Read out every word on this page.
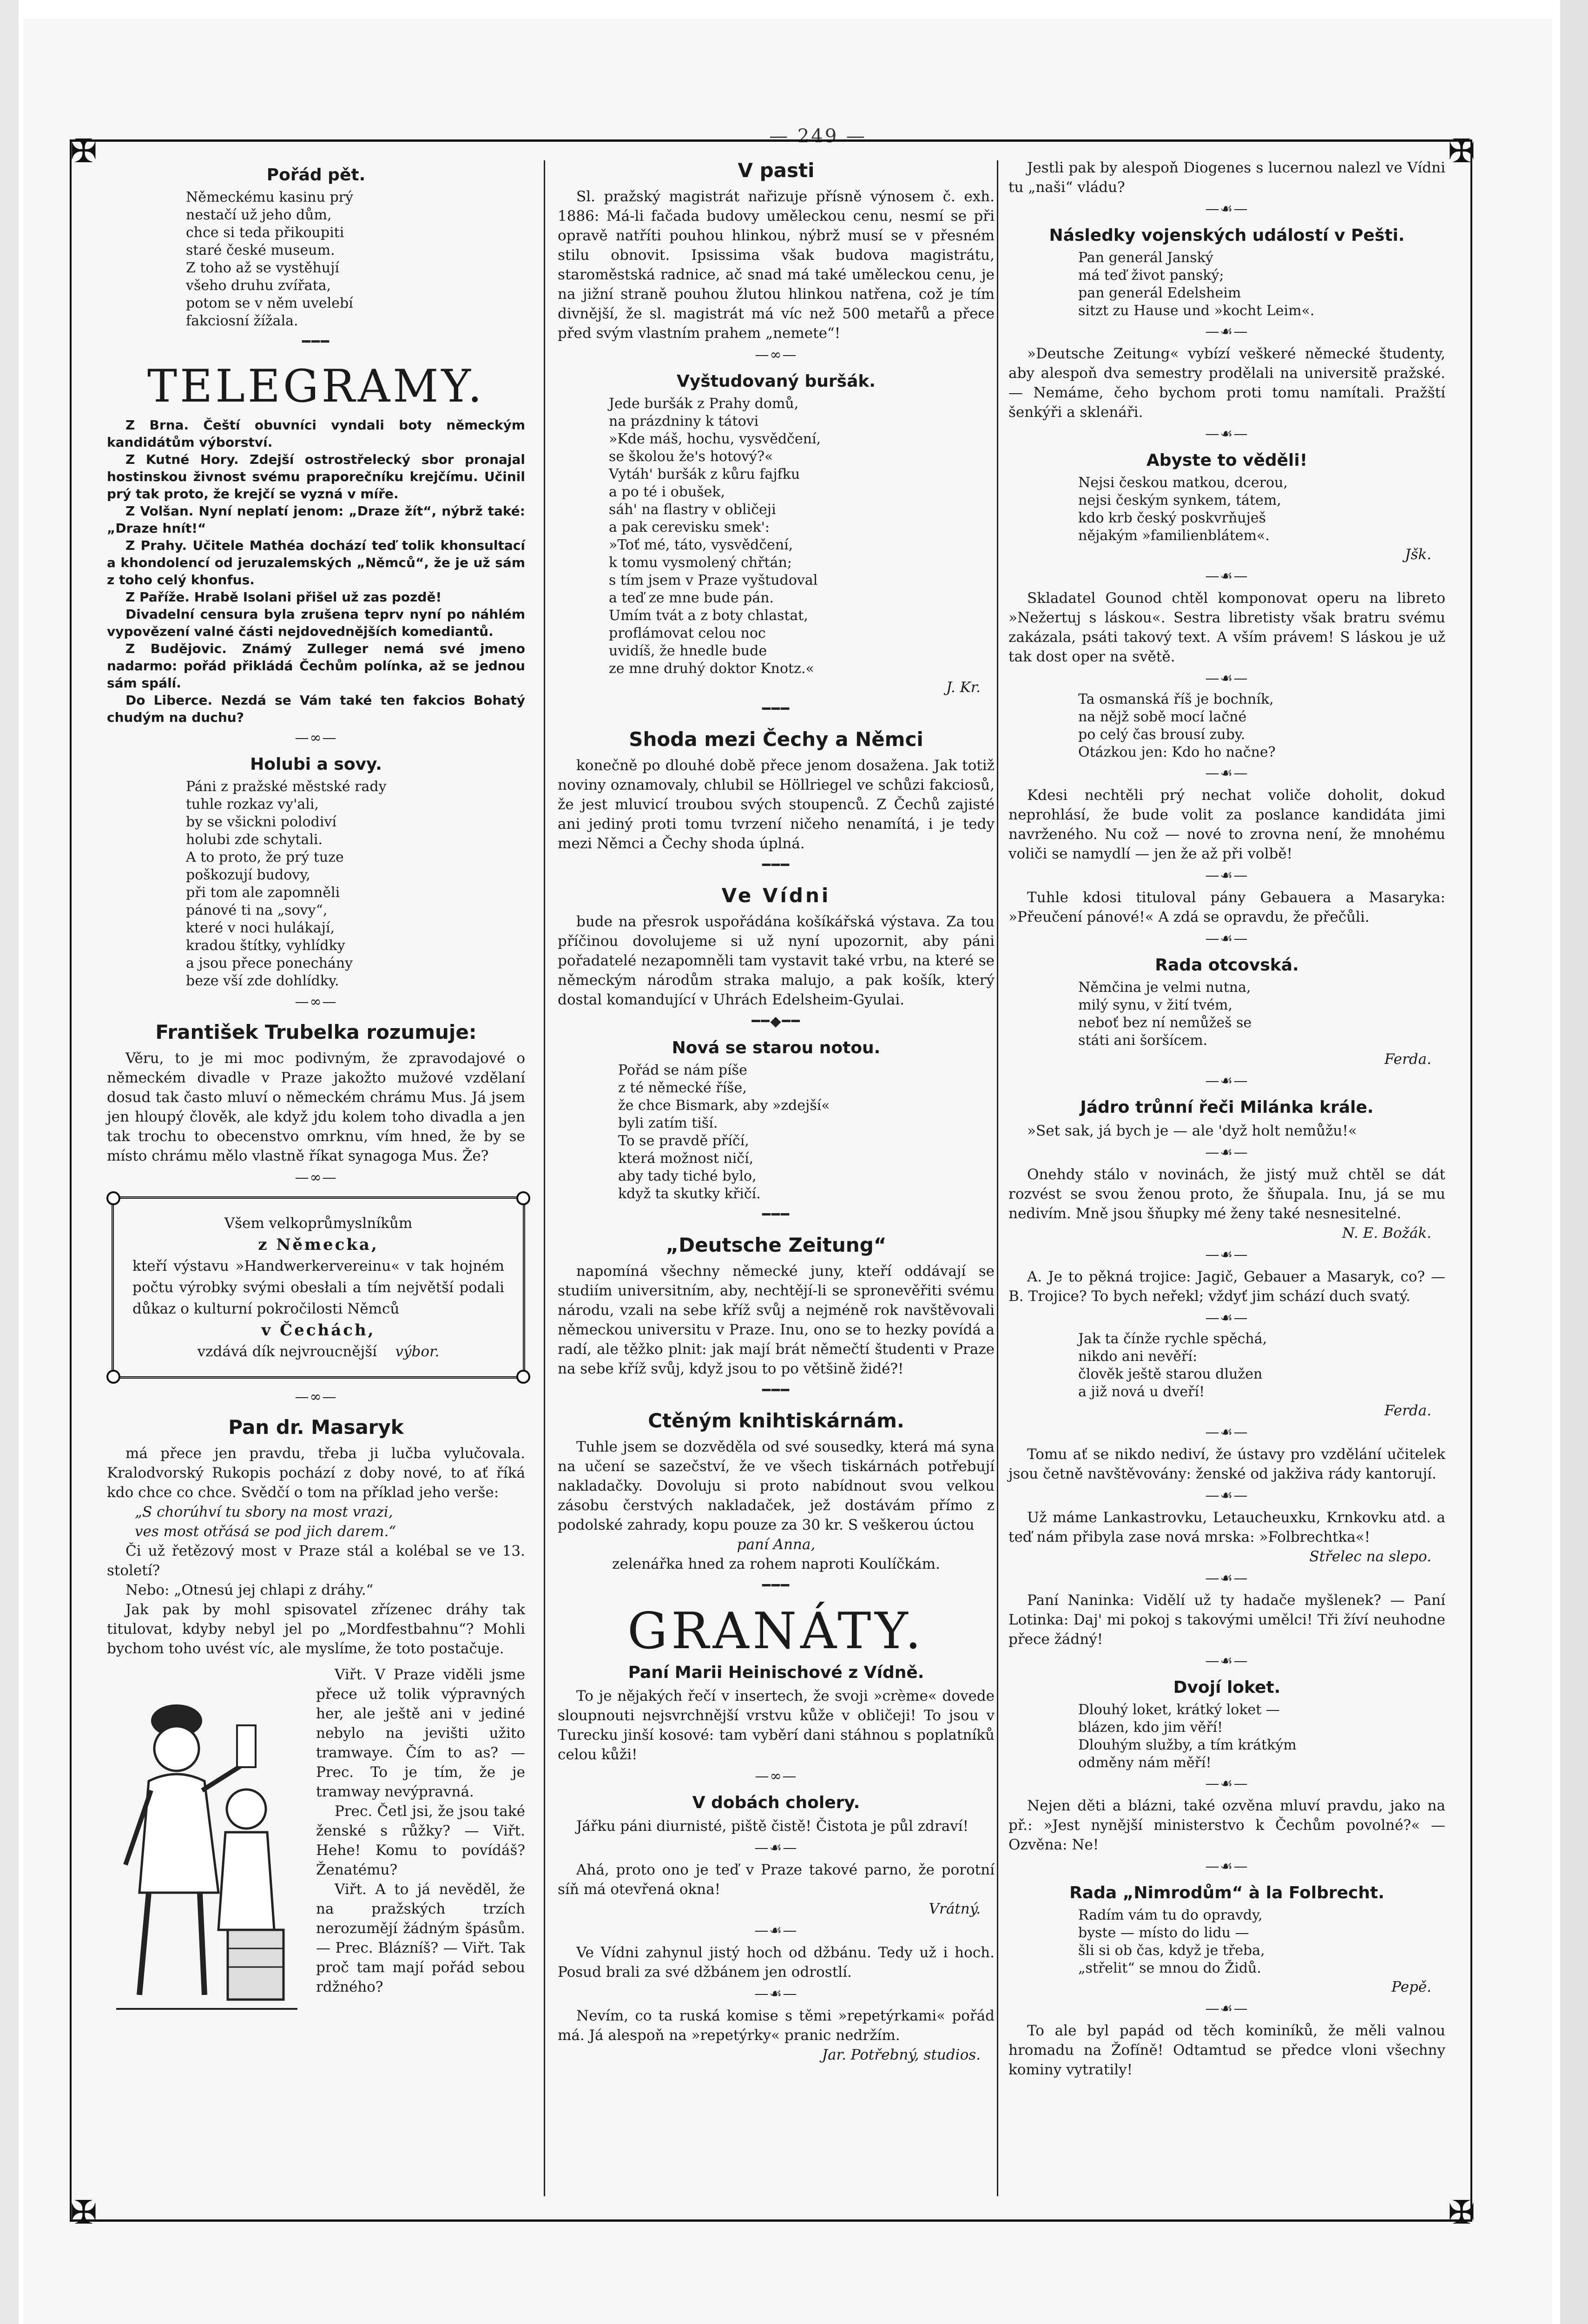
— 249 —
✠	✠
✠	✠
Pořád pět.
Německému kasinu prý
nestačí už jeho dům,
chce si teda přikoupiti
staré české museum.
Z toho až se vystěhují
všeho druhu zvířata,
potom se v něm uvelebí
fakciosní žížala.
━━━
TELEGRAMY.

Z Brna. Čeští obuvníci vyndali boty německým kandidátům výborství.

Z Kutné Hory. Zdejší ostrostřelecký sbor pronajal hostinskou živnost svému praporečníku krejčímu. Učinil prý tak proto, že krejčí se vyzná v míře.

Z Volšan. Nyní neplatí jenom: „Draze žít“, nýbrž také: „Draze hnít!“

Z Prahy. Učitele Mathéa dochází teď tolik khonsultací a khondolencí od jeruzalemských „Němců“, že je už sám z toho celý khonfus.

Z Paříže. Hrabě Isolani přišel už zas pozdě!

Divadelní censura byla zrušena teprv nyní po náhlém vypovězení valné části nejdovednějších komediantů.

Z Budějovic. Známý Zulleger nemá své jmeno nadarmo: pořád přikládá Čechům polínka, až se jednou sám spálí.

Do Liberce. Nezdá se Vám také ten fakcios Bohatý chudým na duchu?

—∞—
Holubi a sovy.
Páni z pražské městské rady
tuhle rozkaz vy'ali,
by se všickni polodiví
holubi zde schytali.
A to proto, že prý tuze
poškozují budovy,
při tom ale zapomněli
pánové ti na „sovy“,
které v noci hulákají,
kradou štítky, vyhlídky
a jsou přece ponechány
beze vší zde dohlídky.
—∞—
František Trubelka rozumuje:

Věru, to je mi moc podivným, že zpravodajové o německém divadle v Praze jakožto mužové vzdělaní dosud tak často mluví o německém chrámu Mus. Já jsem jen hloupý člověk, ale když jdu kolem toho divadla a jen tak trochu to obecenstvo omrknu, vím hned, že by se místo chrámu mělo vlastně říkat synagoga Mus. Že?

—∞—
Všem velkoprůmyslníkům
z Německa,
kteří výstavu »Handwerkervereinu« v tak hojném počtu výrobky svými obesłali a tím největší podali důkaz o kulturní pokročilosti Němců
v Čechách,
vzdává dík nejvroucnější výbor.
—∞—
Pan dr. Masaryk

má přece jen pravdu, třeba ji lučba vylučovala. Kralodvorský Rukopis pochází z doby nové, to ať říká kdo chce co chce. Svědčí o tom na příklad jeho verše:

„S chorúhví tu sbory na most vrazi,
ves most otřásá se pod jich darem.“

Či už řetězový most v Praze stál a kolébal se ve 13. století?

Nebo: „Otnesú jej chlapi z dráhy.“

Jak pak by mohl spisovatel zřízenec dráhy tak titulovat, kdyby nebyl jel po „Mordfestbahnu“? Mohli bychom toho uvést víc, ale myslíme, že toto postačuje.

Viřt. V Praze viděli jsme přece už tolik výpravných her, ale ještě ani v jediné nebylo na jevišti užito tramwaye. Čím to as? — Prec. To je tím, že je tramway nevýpravná.

Prec. Četl jsi, že jsou také ženské s růžky? — Viřt. Hehe! Komu to povídáš? Ženatému?

Viřt. A to já nevěděl, že na pražských trzích nerozumějí žádným špásům. — Prec. Blázníš? — Viřt. Tak proč tam mají pořád sebou rdžného?

V pasti

Sl. pražský magistrát nařizuje přísně výnosem č. exh. 1886: Má-li fačada budovy uměleckou cenu, nesmí se při opravě natříti pouhou hlinkou, nýbrž musí se v přesném stilu obnovit. Ipsissima však budova magistrátu, staroměstská radnice, ač snad má také uměleckou cenu, je na jižní straně pouhou žlutou hlinkou natřena, což je tím divnější, že sl. magistrát má víc než 500 metařů a přece před svým vlastním prahem „nemete“!

—∞—
Vyštudovaný buršák.
Jede buršák z Prahy domů,
na prázdniny k tátovi
»Kde máš, hochu, vysvědčení,
se školou že's hotový?«
Vytáh' buršák z kůru fajfku
a po té i obušek,
sáh' na flastry v obličeji
a pak cerevisku smek':
»Toť mé, táto, vysvědčení,
k tomu vysmolený chřtán;
s tím jsem v Praze vyštudoval
a teď ze mne bude pán.
Umím tvát a z boty chlastat,
proflámovat celou noc
uvidíš, že hnedle bude
ze mne druhý doktor Knotz.«
J. Kr.
━━━
Shoda mezi Čechy a Němci

konečně po dlouhé době přece jenom dosažena. Jak totiž noviny oznamovaly, chlubil se Höllriegel ve schůzi fakciosů, že jest mluvicí troubou svých stoupenců. Z Čechů zajisté ani jediný proti tomu tvrzení ničeho nenamítá, i je tedy mezi Němci a Čechy shoda úplná.

━━━
Ve Vídni

bude na přesrok uspořádána košíkářská výstava. Za tou příčinou dovolujeme si už nyní upozornit, aby páni pořadatelé nezapomněli tam vystavit také vrbu, na které se německým národům straka malujo, a pak košík, který dostal komandující v Uhrách Edelsheim-Gyulai.

━━◆━━
Nová se starou notou.
Pořád se nám píše
z té německé říše,
že chce Bismark, aby »zdejší«
byli zatím tiší.
To se pravdě příčí,
která možnost ničí,
aby tady tiché bylo,
když ta skutky křičí.
━━━
„Deutsche Zeitung“

napomíná všechny německé juny, kteří oddávají se studiím universitním, aby, nechtějí-li se spronevěřiti svému národu, vzali na sebe kříž svůj a nejméně rok navštěvovali německou universitu v Praze. Inu, ono se to hezky povídá a radí, ale těžko plnit: jak mají brát němečtí študenti v Praze na sebe kříž svůj, když jsou to po většině židé?!

━━━
Ctěným knihtiskárnám.

Tuhle jsem se dozvěděla od své sousedky, která má syna na učení se sazečství, že ve všech tiskárnách potřebují nakladačky. Dovoluju si proto nabídnout svou velkou zásobu čerstvých nakladaček, jež dostávám přímo z podolské zahrady, kopu pouze za 30 kr. S veškerou úctou

paní Anna,
zelenářka hned za rohem naproti Koulíčkám.
━━━
GRANÁTY.
Paní Marii Heinischové z Vídně.

To je nějakých řečí v insertech, že svoji »crème« dovede sloupnouti nejsvrchnější vrstvu kůže v obličeji! To jsou v Turecku jinší kosové: tam vyběrí dani stáhnou s poplatníků celou kůži!

—∞—
V dobách cholery.

Jářku páni diurnisté, piště čistě! Čistota je půl zdraví!

—☙—

Ahá, proto ono je teď v Praze takové parno, že porotní síň má otevřená okna!

Vrátný.
—☙—

Ve Vídni zahynul jistý hoch od džbánu. Tedy už i hoch. Posud brali za své džbánem jen odrostlí.

—☙—

Nevím, co ta ruská komise s těmi »repetýrkami« pořád má. Já alespoň na »repetýrky« pranic nedržím.

Jar. Potřebný, studios.

Jestli pak by alespoň Diogenes s lucernou nalezl ve Vídni tu „naši“ vládu?

—☙—
Následky vojenských událostí v Pešti.
Pan generál Janský
má teď život panský;
pan generál Edelsheim
sitzt zu Hause und »kocht Leim«.
—☙—

»Deutsche Zeitung« vybízí veškeré německé študenty, aby alespoň dva semestry prodělali na universitě pražské. — Nemáme, čeho bychom proti tomu namítali. Pražští šenkýři a sklenáři.

—☙—
Abyste to věděli!
Nejsi českou matkou, dcerou,
nejsi českým synkem, tátem,
kdo krb český poskvrňuješ
nějakým »familienblátem«.
Jšk.
—☙—

Skladatel Gounod chtěl komponovat operu na libreto »Nežertuj s láskou«. Sestra libretisty však bratru svému zakázala, psáti takový text. A vším právem! S láskou je už tak dost oper na světě.

—☙—
Ta osmanská říš je bochník,
na nějž sobě mocí lačné
po celý čas brousí zuby.
Otázkou jen: Kdo ho načne?
—☙—

Kdesi nechtěli prý nechat voliče doholit, dokud neprohlásí, že bude volit za poslance kandidáta jimi navrženého. Nu což — nové to zrovna není, že mnohému voliči se namydlí — jen že až při volbě!

—☙—

Tuhle kdosi tituloval pány Gebauera a Masaryka: »Přeučení pánové!« A zdá se opravdu, že přečůli.

—☙—
Rada otcovská.
Němčina je velmi nutna,
milý synu, v žití tvém,
neboť bez ní nemůžeš se
státi ani šoršícem.
Ferda.
—☙—
Jádro trůnní řeči Milánka krále.

»Set sak, já bych je — ale 'dyž holt nemůžu!«

—☙—

Onehdy stálo v novinách, že jistý muž chtěl se dát rozvést se svou ženou proto, že šňupala. Inu, já se mu nedivím. Mně jsou šňupky mé ženy také nesnesitelné.

N. E. Božák.
—☙—

A. Je to pěkná trojice: Jagič, Gebauer a Masaryk, co? — B. Trojice? To bych neřekl; vždyť jim schází duch svatý.

—☙—
Jak ta čínže rychle spěchá,
nikdo ani nevěří:
člověk ještě starou dlužen
a již nová u dveří!
Ferda.
—☙—

Tomu ať se nikdo nediví, že ústavy pro vzdělání učitelek jsou četně navštěvovány: ženské od jakživa rády kantorují.

—☙—

Už máme Lankastrovku, Letaucheuxku, Krnkovku atd. a teď nám přibyla zase nová mrska: »Folbrechtka«!

Střelec na slepo.
—☙—

Paní Naninka: Vidělí už ty hadače myšlenek? — Paní Lotinka: Daj' mi pokoj s takovými umělci! Tři žíví neuhodne přece žádný!

—☙—
Dvojí loket.
Dlouhý loket, krátký loket —
blázen, kdo jim věří!
Dlouhým služby, a tím krátkým
odměny nám měří!
—☙—

Nejen děti a blázni, také ozvěna mluví pravdu, jako na př.: »Jest nynější ministerstvo k Čechům povolné?« — Ozvěna: Ne!

—☙—
Rada „Nimrodům“ à la Folbrecht.
Radím vám tu do opravdy,
byste — místo do lidu —
šli si ob čas, když je třeba,
„střelit“ se mnou do Židů.
Pepě.
—☙—

To ale byl papád od těch kominíků, že měli valnou hromadu na Žofíně! Odtamtud se předce vloni všechny kominy vytratily!
